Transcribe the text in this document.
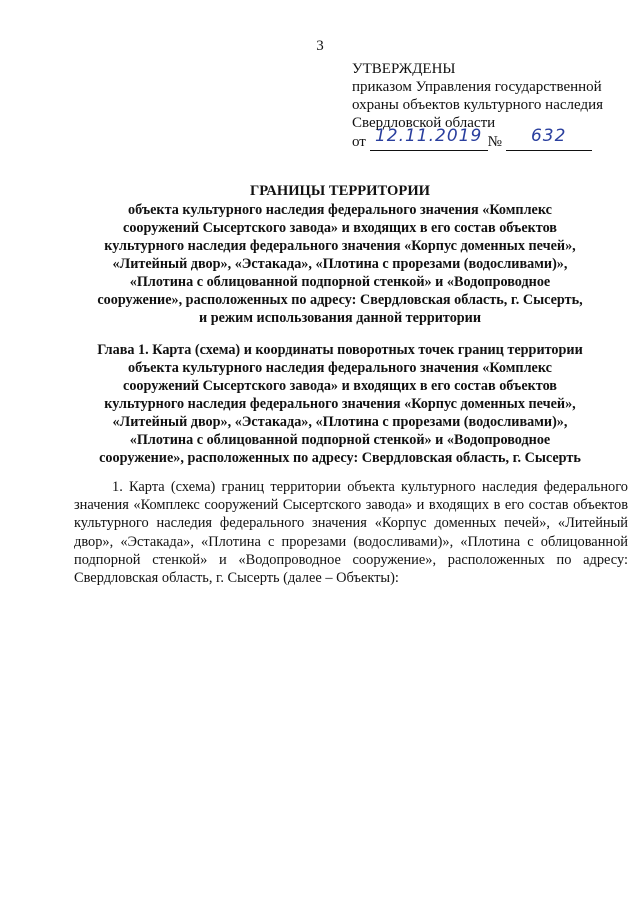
3
УТВЕРЖДЕНЫ
приказом Управления государственной
охраны объектов культурного наследия
Свердловской области
от 12.11.2019 № 632
ГРАНИЦЫ ТЕРРИТОРИИ
объекта культурного наследия федерального значения «Комплекс
сооружений Сысертского завода» и входящих в его состав объектов
культурного наследия федерального значения «Корпус доменных печей»,
«Литейный двор», «Эстакада», «Плотина с прорезами (водосливами)»,
«Плотина с облицованной подпорной стенкой» и «Водопроводное
сооружение», расположенных по адресу: Свердловская область, г. Сысерть,
и режим использования данной территории
Глава 1. Карта (схема) и координаты поворотных точек границ территории
объекта культурного наследия федерального значения «Комплекс
сооружений Сысертского завода» и входящих в его состав объектов
культурного наследия федерального значения «Корпус доменных печей»,
«Литейный двор», «Эстакада», «Плотина с прорезами (водосливами)»,
«Плотина с облицованной подпорной стенкой» и «Водопроводное
сооружение», расположенных по адресу: Свердловская область, г. Сысерть

1. Карта (схема) границ территории объекта культурного наследия федерального значения «Комплекс сооружений Сысертского завода» и входящих в его состав объектов культурного наследия федерального значения «Корпус доменных печей», «Литейный двор», «Эстакада», «Плотина с прорезами (водосливами)», «Плотина с облицованной подпорной стенкой» и «Водопроводное сооружение», расположенных по адресу: Свердловская область, г. Сысерть (далее – Объекты):
